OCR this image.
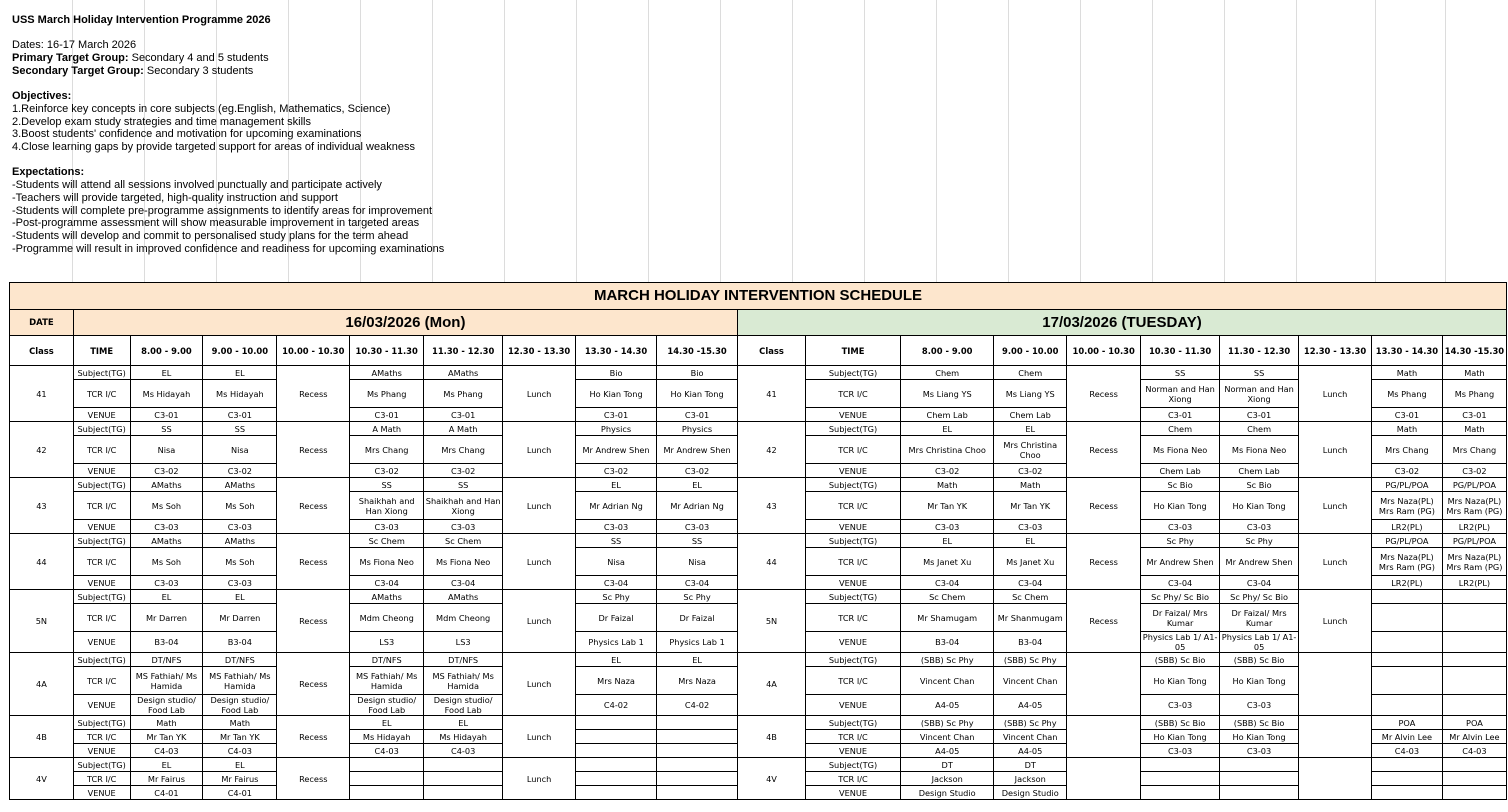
USS March Holiday Intervention Programme 2026
Dates: 16-17 March 2026
Primary Target Group: Secondary 4 and 5 students
Secondary Target Group: Secondary 3 students
Objectives:
1.Reinforce key concepts in core subjects (eg.English, Mathematics, Science)
2.Develop exam study strategies and time management skills
3.Boost students' confidence and motivation for upcoming examinations
4.Close learning gaps by provide targeted support for areas of individual weakness
Expectations:
-Students will attend all sessions involved punctually and participate actively
-Teachers will provide targeted, high-quality instruction and support
-Students will complete pre-programme assignments to identify areas for improvement
-Post-programme assessment will show measurable improvement in targeted areas
-Students will develop and commit to personalised study plans for the term ahead
-Programme will result in improved confidence and readiness for upcoming examinations
MARCH HOLIDAY INTERVENTION SCHEDULE																			
DATE	16/03/2026 (Mon)									17/03/2026 (TUESDAY)									
Class	TIME	8.00 - 9.00	9.00 - 10.00	10.00 - 10.30	10.30 - 11.30	11.30 - 12.30	12.30 - 13.30	13.30 - 14.30	14.30 -15.30	Class	TIME	8.00 - 9.00	9.00 - 10.00	10.00 - 10.30	10.30 - 11.30	11.30 - 12.30	12.30 - 13.30	13.30 - 14.30	14.30 -15.30
41	Subject(TG)	EL	EL	Recess	AMaths	AMaths	Lunch	Bio	Bio	41	Subject(TG)	Chem	Chem	Recess	SS	SS	Lunch	Math	Math
	TCR I/C	Ms Hidayah	Ms Hidayah		Ms Phang	Ms Phang		Ho Kian Tong	Ho Kian Tong		TCR I/C	Ms Liang YS	Ms Liang YS		Norman and Han Xiong	Norman and Han Xiong		Ms Phang	Ms Phang
	VENUE	C3-01	C3-01		C3-01	C3-01		C3-01	C3-01		VENUE	Chem Lab	Chem Lab		C3-01	C3-01		C3-01	C3-01
42	Subject(TG)	SS	SS	Recess	A Math	A Math	Lunch	Physics	Physics	42	Subject(TG)	EL	EL	Recess	Chem	Chem	Lunch	Math	Math
	TCR I/C	Nisa	Nisa		Mrs Chang	Mrs Chang		Mr Andrew Shen	Mr Andrew Shen		TCR I/C	Mrs Christina Choo	Mrs Christina Choo		Ms Fiona Neo	Ms Fiona Neo		Mrs Chang	Mrs Chang
	VENUE	C3-02	C3-02		C3-02	C3-02		C3-02	C3-02		VENUE	C3-02	C3-02		Chem Lab	Chem Lab		C3-02	C3-02
43	Subject(TG)	AMaths	AMaths	Recess	SS	SS	Lunch	EL	EL	43	Subject(TG)	Math	Math	Recess	Sc Bio	Sc Bio	Lunch	PG/PL/POA	PG/PL/POA
	TCR I/C	Ms Soh	Ms Soh		Shaikhah and Han Xiong	Shaikhah and Han Xiong		Mr Adrian Ng	Mr Adrian Ng		TCR I/C	Mr Tan YK	Mr Tan YK		Ho Kian Tong	Ho Kian Tong		Mrs Naza(PL) Mrs Ram (PG)	Mrs Naza(PL) Mrs Ram (PG)
	VENUE	C3-03	C3-03		C3-03	C3-03		C3-03	C3-03		VENUE	C3-03	C3-03		C3-03	C3-03		LR2(PL)	LR2(PL)
44	Subject(TG)	AMaths	AMaths	Recess	Sc Chem	Sc Chem	Lunch	SS	SS	44	Subject(TG)	EL	EL	Recess	Sc Phy	Sc Phy	Lunch	PG/PL/POA	PG/PL/POA
	TCR I/C	Ms Soh	Ms Soh		Ms Fiona Neo	Ms Fiona Neo		Nisa	Nisa		TCR I/C	Ms Janet Xu	Ms Janet Xu		Mr Andrew Shen	Mr Andrew Shen		Mrs Naza(PL) Mrs Ram (PG)	Mrs Naza(PL) Mrs Ram (PG)
	VENUE	C3-03	C3-03		C3-04	C3-04		C3-04	C3-04		VENUE	C3-04	C3-04		C3-04	C3-04		LR2(PL)	LR2(PL)
5N	Subject(TG)	EL	EL	Recess	AMaths	AMaths	Lunch	Sc Phy	Sc Phy	5N	Subject(TG)	Sc Chem	Sc Chem	Recess	Sc Phy/ Sc Bio	Sc Phy/ Sc Bio	Lunch		
	TCR I/C	Mr Darren	Mr Darren		Mdm Cheong	Mdm Cheong		Dr Faizal	Dr Faizal		TCR I/C	Mr Shamugam	Mr Shanmugam		Dr Faizal/ Mrs Kumar	Dr Faizal/ Mrs Kumar			
	VENUE	B3-04	B3-04		LS3	LS3		Physics Lab 1	Physics Lab 1		VENUE	B3-04	B3-04		Physics Lab 1/ A1-05	Physics Lab 1/ A1-05			
4A	Subject(TG)	DT/NFS	DT/NFS	Recess	DT/NFS	DT/NFS	Lunch	EL	EL	4A	Subject(TG)	(SBB) Sc Phy	(SBB) Sc Phy		(SBB) Sc Bio	(SBB) Sc Bio			
	TCR I/C	MS Fathiah/ Ms Hamida	MS Fathiah/ Ms Hamida		MS Fathiah/ Ms Hamida	MS Fathiah/ Ms Hamida		Mrs Naza	Mrs Naza		TCR I/C	Vincent Chan	Vincent Chan		Ho Kian Tong	Ho Kian Tong			
	VENUE	Design studio/ Food Lab	Design studio/ Food Lab		Design studio/ Food Lab	Design studio/ Food Lab		C4-02	C4-02		VENUE	A4-05	A4-05		C3-03	C3-03			
4B	Subject(TG)	Math	Math	Recess	EL	EL	Lunch			4B	Subject(TG)	(SBB) Sc Phy	(SBB) Sc Phy		(SBB) Sc Bio	(SBB) Sc Bio		POA	POA
	TCR I/C	Mr Tan YK	Mr Tan YK		Ms Hidayah	Ms Hidayah					TCR I/C	Vincent Chan	Vincent Chan		Ho Kian Tong	Ho Kian Tong		Mr Alvin Lee	Mr Alvin Lee
	VENUE	C4-03	C4-03		C4-03	C4-03					VENUE	A4-05	A4-05		C3-03	C3-03		C4-03	C4-03
4V	Subject(TG)	EL	EL	Recess			Lunch			4V	Subject(TG)	DT	DT						
	TCR I/C	Mr Fairus	Mr Fairus								TCR I/C	Jackson	Jackson						
	VENUE	C4-01	C4-01								VENUE	Design Studio	Design Studio						
